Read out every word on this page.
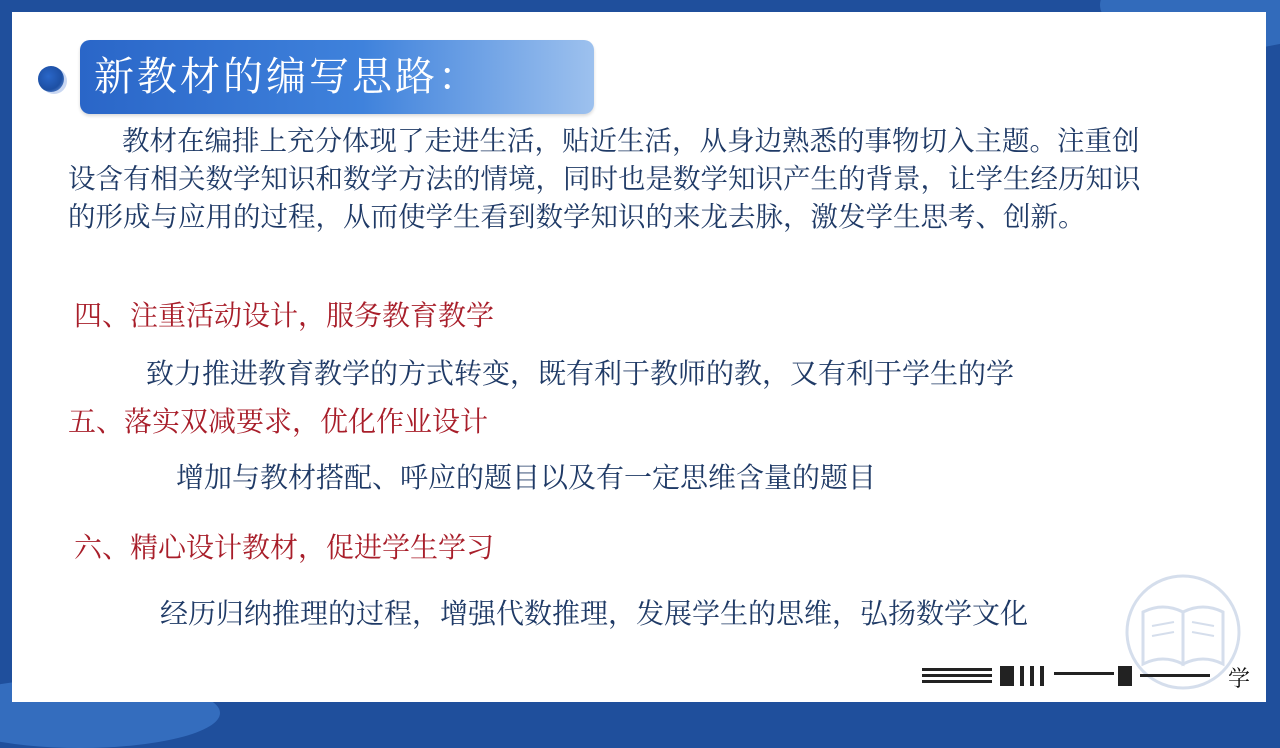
新教材的编写思路：
教材在编排上充分体现了走进生活，贴近生活，从身边熟悉的事物切入主题。注重创设含有相关数学知识和数学方法的情境，同时也是数学知识产生的背景，让学生经历知识的形成与应用的过程，从而使学生看到数学知识的来龙去脉，激发学生思考、创新。
四、注重活动设计，服务教育教学
致力推进教育教学的方式转变，既有利于教师的教，又有利于学生的学
五、落实双减要求，优化作业设计
增加与教材搭配、呼应的题目以及有一定思维含量的题目
六、精心设计教材，促进学生学习
经历归纳推理的过程，增强代数推理，发展学生的思维，弘扬数学文化
学
